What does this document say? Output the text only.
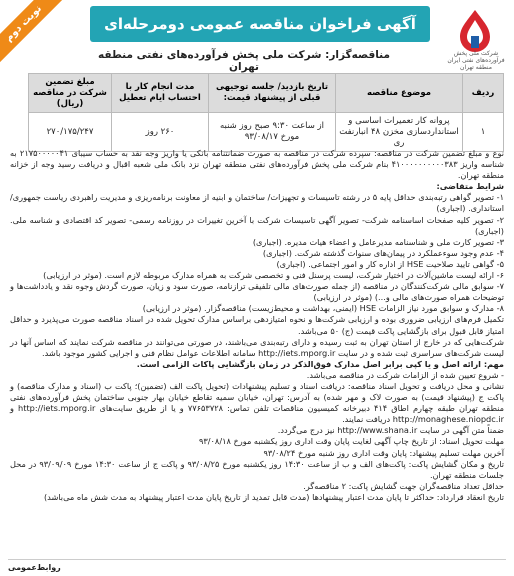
نوبت دوم
شرکت ملی پخش فرآورده‌های نفتی ایران منطقه تهران
آگهی فراخوان مناقصه عمومی دومرحله‌ای
مناقصه‌گزار: شرکت ملی پخش فرآورده‌های نفتی منطقه تهران
ردیف	موضوع مناقصه	تاریخ بازدید/ جلسه توجیهی قبلی از پیشنهاد قیمت:	مدت انجام کار با احتساب ایام تعطیل	مبلغ تضمین شرکت در مناقصه (ریال)
۱	پروانه کار تعمیرات اساسی و استانداردسازی مخزن ۴۸ انبارنفت ری	از ساعت ۹:۳۰ صبح روز شنبه مورخ ۹۳/۰۸/۱۷	۲۶۰ روز	۲۷۰/۱۷۵/۲۴۷

نوع و مبلغ تضمین شرکت در مناقصه: سپرده شرکت در مناقصه به صورت ضمانتنامه بانکی یا واریز وجه نقد به حساب سیبای ۲۱۷۵۰۰۰۰۰۴۱ به شناسه واریز ۴۱۰۰۰۰۰۰۰۰۰۰۳۸۳ بنام شرکت ملی پخش فرآورده‌های نفتی منطقه تهران نزد بانک ملی شعبه اقبال و دریافت رسید وجه از خزانه منطقه تهران.

شرایط متقاضی:

۱- تصویر گواهی رتبه‌بندی حداقل پایه ۵ در رشته تاسیسات و تجهیزات/ ساختمان و ابنیه از معاونت برنامه‌ریزی و مدیریت راهبردی ریاست جمهوری/ استانداری. (اجباری)

۲- تصویر کلیه صفحات اساسنامه شرکت- تصویر آگهی تاسیسات شرکت با آخرین تغییرات در روزنامه رسمی- تصویر کد اقتصادی و شناسه ملی. (اجباری)

۳- تصویر کارت ملی و شناسنامه مدیرعامل و اعضاء هیات مدیره. (اجباری)

۴- عدم وجود سوءعملکرد در پیمان‌های سنوات گذشته شرکت. (اجباری)

۵- گواهی تایید صلاحیت HSE از اداره کار و امور اجتماعی. (اجباری)

۶- ارائه لیست ماشین‌آلات در اختیار شرکت، لیست پرسنل فنی و تخصصی شرکت به همراه مدارک مربوطه لازم است. (موثر در ارزیابی)

۷- سوابق مالی شرکت‌کنندگان در مناقصه (از جمله صورت‌های مالی تلفیقی ترازنامه، صورت سود و زیان، صورت گردش وجوه نقد و یادداشت‌ها و توضیحات همراه صورت‌های مالی و...) (موثر در ارزیابی)

۸- مدارک و سوابق مورد نیاز الزامات HSE (ایمنی، بهداشت و محیط‌زیست) مناقصه‌گزار. (موثر در ارزیابی)

تکمیل فرم‌های ارزیابی ضروری بوده و ارزیابی شرکت‌ها و نحوه امتیازدهی براساس مدارک تحویل شده در اسناد مناقصه صورت می‌پذیرد و حداقل امتیاز قابل قبول برای بازگشایی پاکت قیمت (ج) ۵۰ می‌باشد.

شرکت‌هایی که در خارج از استان تهران به ثبت رسیده و دارای رتبه‌بندی می‌باشند، در صورتی می‌توانند در مناقصه شرکت نمایند که اساس آنها در لیست شرکت‌های سراسری ثبت شده و در سایت http://iets.mporg.ir سامانه اطلاعات عوامل نظام فنی و اجرایی کشور موجود باشد.

مهم: ارائه اصل و یا کپی برابر اصل مدارک فوق‌الذکر در زمان بازگشایی پاکات الزامی است.

- شروع تعیین شده از الزامات شرکت در مناقصه می‌باشد.

نشانی و محل دریافت و تحویل اسناد مناقصه: دریافت اسناد و تسلیم پیشنهادات (تحویل پاکت الف (تضمین)؛ پاکت ب (اسناد و مدارک مناقصه) و پاکت ج (پیشنهاد قیمت) به صورت لاک و مهر شده) به آدرس: تهران، خیابان سمیه تقاطع خیابان بهار جنوبی ساختمان پخش فرآورده‌های نفتی منطقه تهران طبقه چهارم اطاق ۴۱۴ دبیرخانه کمیسیون مناقصات تلفن تماس: ۷۷۶۵۳۷۲۸ و یا از طریق سایت‌های http://iets.mporg.ir و http://monaghese.niopdc.ir دریافت نمایند.

ضمناً متن آگهی در سایت http://www.shana.ir نیز درج می‌گردد.

مهلت تحویل اسناد: از تاریخ چاپ آگهی لغایت پایان وقت اداری روز یکشنبه مورخ ۹۳/۰۸/۱۸

آخرین مهلت تسلیم پیشنهاد: پایان وقت اداری روز شنبه مورخ ۹۳/۰۸/۲۴

تاریخ و مکان گشایش پاکت: پاکت‌های الف و ب از ساعت ۱۴:۳۰ روز یکشنبه مورخ ۹۳/۰۸/۲۵ و پاکت ج از ساعت ۱۴:۳۰ مورخ ۹۳/۰۹/۰۹ در محل جلسات منطقه تهران.

حداقل تعداد مناقصه‌گران جهت گشایش پاکت: ۲ مناقصه‌گر.

تاریخ انعقاد قرارداد: حداکثر تا پایان مدت اعتبار پیشنهادها (مدت قابل تمدید از تاریخ پایان مدت اعتبار پیشنهاد به مدت شش ماه می‌باشد)

روابط‌عمومی
